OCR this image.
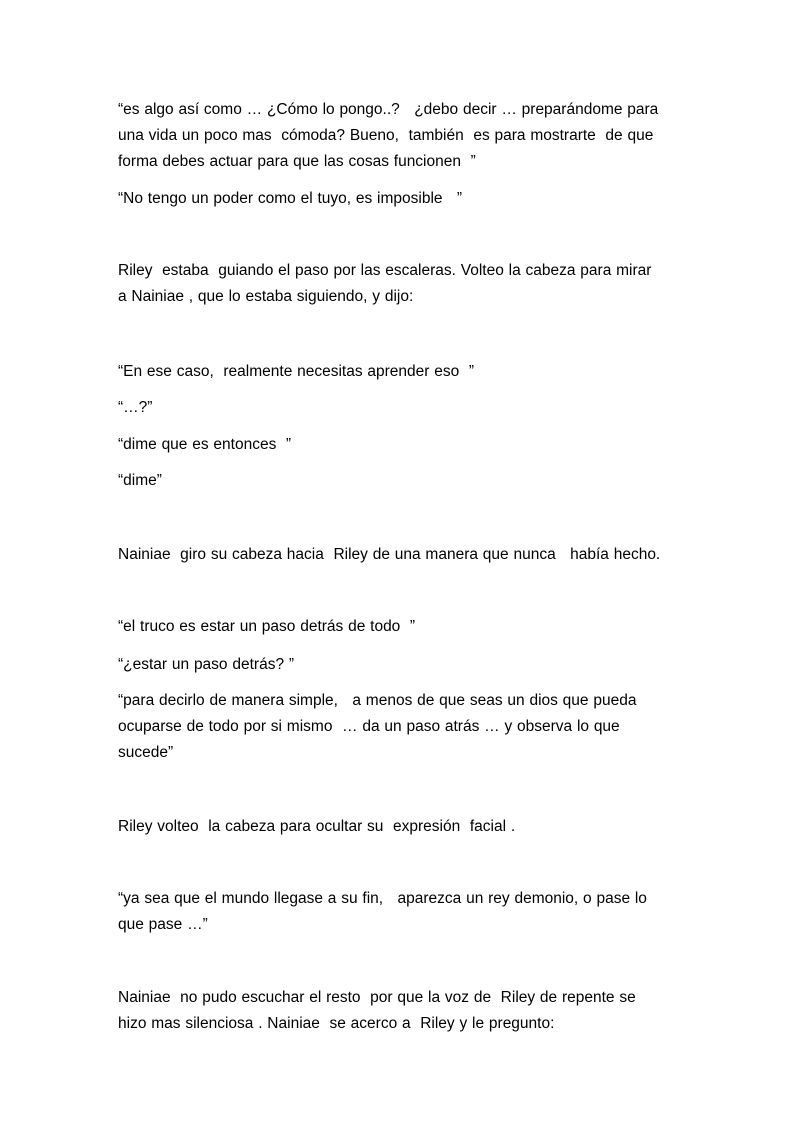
“es algo así como … ¿Cómo lo pongo..?   ¿debo decir … preparándome para
una vida un poco mas  cómoda? Bueno,  también  es para mostrarte  de que
forma debes actuar para que las cosas funcionen  ”

“No tengo un poder como el tuyo, es imposible   ”

Riley  estaba  guiando el paso por las escaleras. Volteo la cabeza para mirar
a Nainiae , que lo estaba siguiendo, y dijo:

“En ese caso,  realmente necesitas aprender eso  ”

“…?”

“dime que es entonces  ”

“dime”

Nainiae  giro su cabeza hacia  Riley de una manera que nunca   había hecho.

“el truco es estar un paso detrás de todo  ”

“¿estar un paso detrás? ”

“para decirlo de manera simple,   a menos de que seas un dios que pueda
ocuparse de todo por si mismo  … da un paso atrás … y observa lo que
sucede”

Riley volteo  la cabeza para ocultar su  expresión  facial .

“ya sea que el mundo llegase a su fin,   aparezca un rey demonio, o pase lo
que pase …”

Nainiae  no pudo escuchar el resto  por que la voz de  Riley de repente se
hizo mas silenciosa . Nainiae  se acerco a  Riley y le pregunto:
